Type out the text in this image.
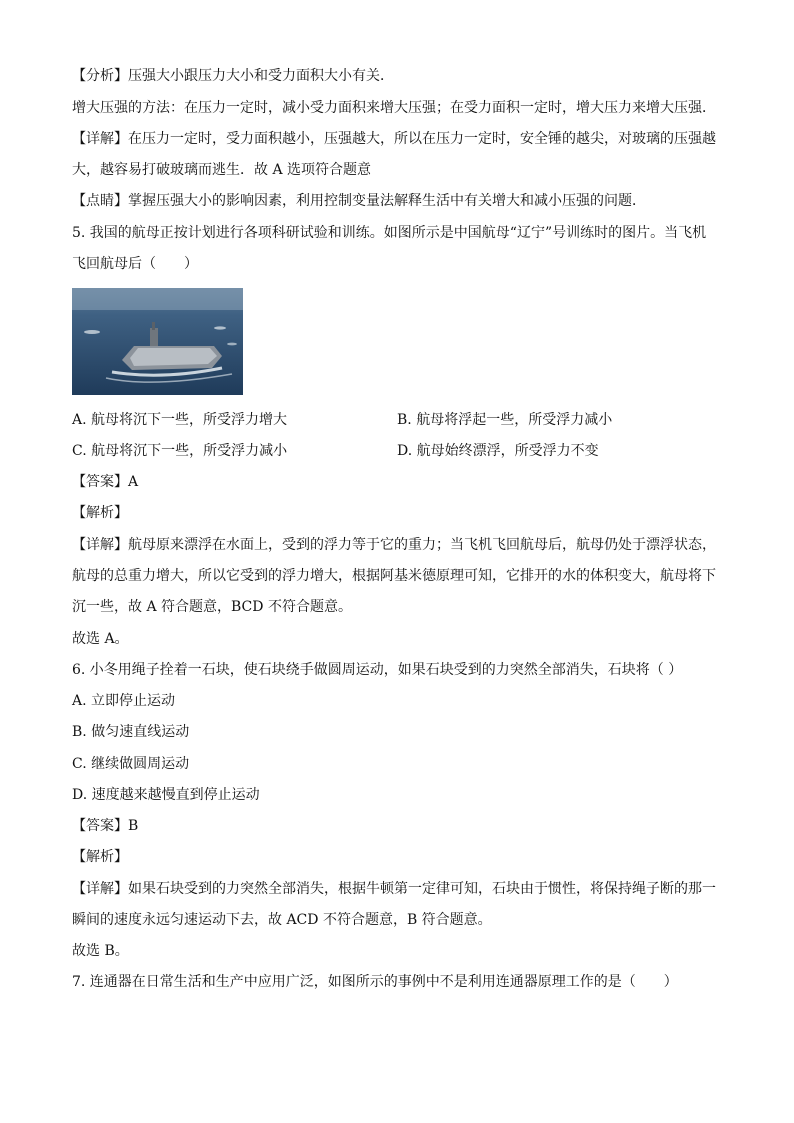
【分析】压强大小跟压力大小和受力面积大小有关．
增大压强的方法：在压力一定时，减小受力面积来增大压强；在受力面积一定时，增大压力来增大压强．
【详解】在压力一定时，受力面积越小，压强越大，所以在压力一定时，安全锤的越尖，对玻璃的压强越
大，越容易打破玻璃而逃生．故 A 选项符合题意
【点睛】掌握压强大小的影响因素，利用控制变量法解释生活中有关增大和减小压强的问题．
5. 我国的航母正按计划进行各项科研试验和训练。如图所示是中国航母“辽宁”号训练时的图片。当飞机
飞回航母后（　　）
A. 航母将沉下一些，所受浮力增大	B. 航母将浮起一些，所受浮力减小
C. 航母将沉下一些，所受浮力减小	D. 航母始终漂浮，所受浮力不变
【答案】A
【解析】
【详解】航母原来漂浮在水面上，受到的浮力等于它的重力；当飞机飞回航母后，航母仍处于漂浮状态，
航母的总重力增大，所以它受到的浮力增大，根据阿基米德原理可知，它排开的水的体积变大，航母将下
沉一些，故 A 符合题意，BCD 不符合题意。
故选 A。
6. 小冬用绳子拴着一石块，使石块绕手做圆周运动，如果石块受到的力突然全部消失，石块将（ ）
A. 立即停止运动
B. 做匀速直线运动
C. 继续做圆周运动
D. 速度越来越慢直到停止运动
【答案】B
【解析】
【详解】如果石块受到的力突然全部消失，根据牛顿第一定律可知，石块由于惯性，将保持绳子断的那一
瞬间的速度永远匀速运动下去，故 ACD 不符合题意，B 符合题意。
故选 B。
7. 连通器在日常生活和生产中应用广泛，如图所示的事例中不是利用连通器原理工作的是（　　）
